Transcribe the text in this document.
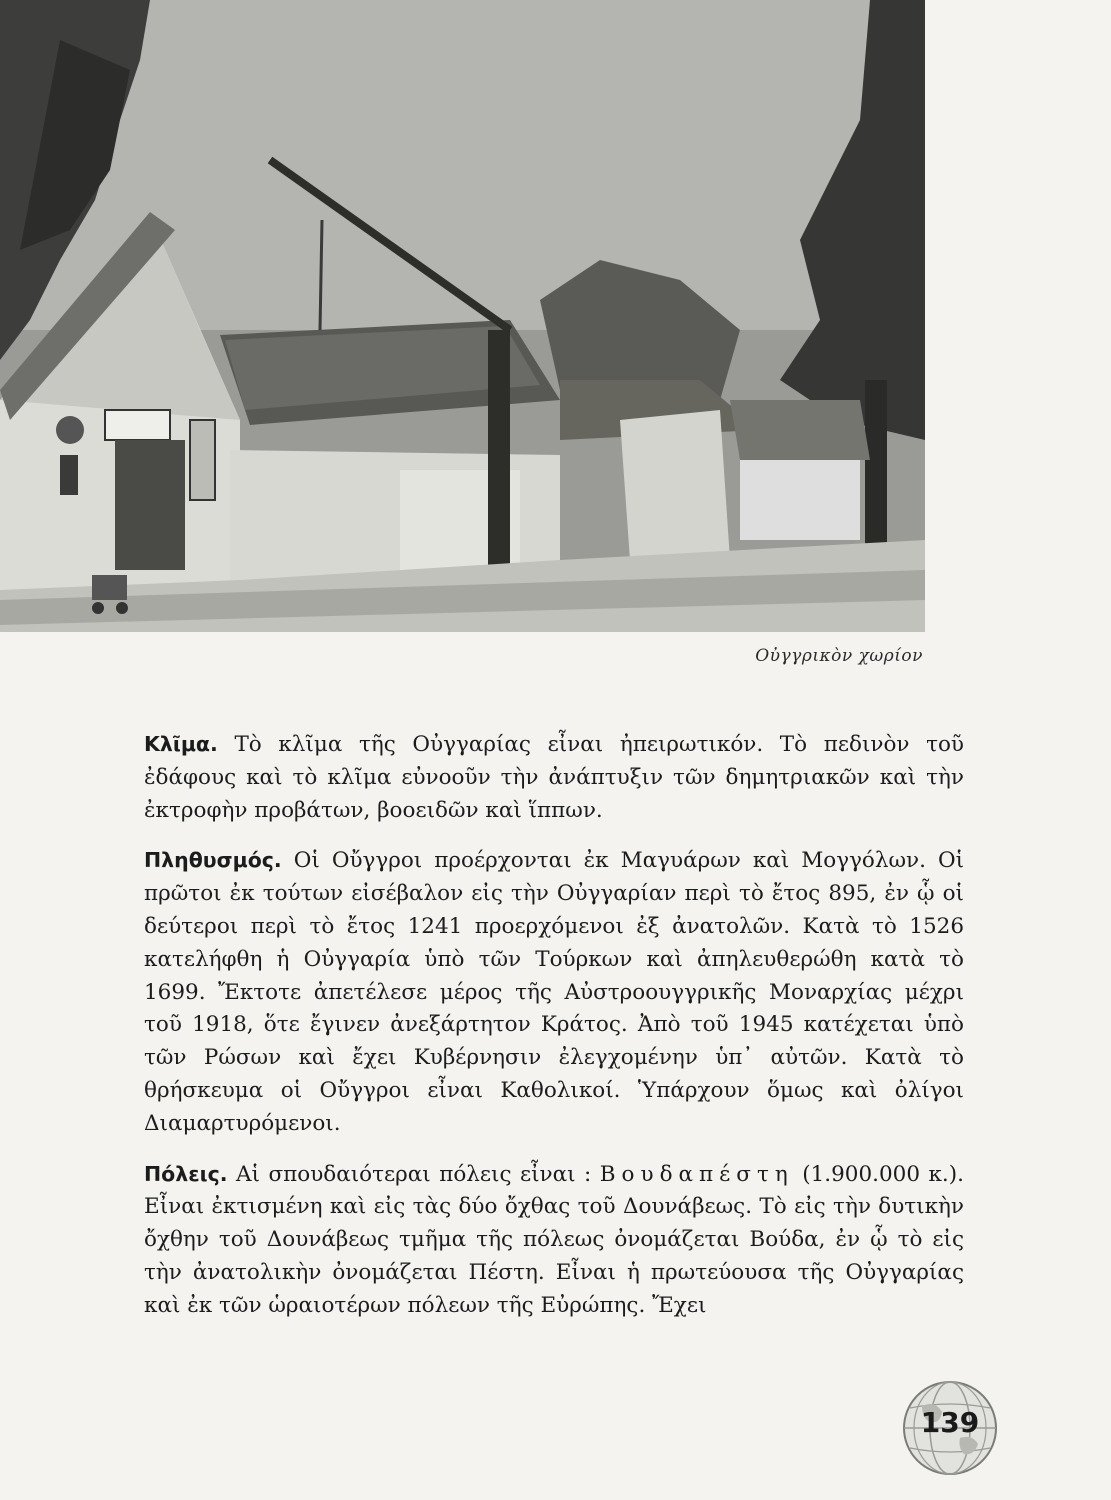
Οὐγγρικὸν χωρίον

Κλῖμα. Τὸ κλῖμα τῆς Οὐγγαρίας εἶναι ἠπειρωτικόν. Τὸ πεδινὸν τοῦ ἐδάφους καὶ τὸ κλῖμα εὐνοοῦν τὴν ἀνάπτυξιν τῶν δημητριακῶν καὶ τὴν ἐκτροφὴν προβάτων, βοοειδῶν καὶ ἵππων.

Πληθυσμός. Οἱ Οὔγγροι προέρχονται ἐκ Μαγυάρων καὶ Μογγόλων. Οἱ πρῶτοι ἐκ τούτων εἰσέβαλον εἰς τὴν Οὐγγαρίαν περὶ τὸ ἔτος 895, ἐν ᾧ οἱ δεύτεροι περὶ τὸ ἔτος 1241 προερχόμενοι ἐξ ἀνατολῶν. Κατὰ τὸ 1526 κατελήφθη ἡ Οὐγγαρία ὑπὸ τῶν Τούρκων καὶ ἀπηλευθερώθη κατὰ τὸ 1699. Ἔκτοτε ἀπετέλεσε μέρος τῆς Αὐστροουγγρικῆς Μοναρχίας μέχρι τοῦ 1918, ὅτε ἔγινεν ἀνεξάρτητον Κράτος. Ἀπὸ τοῦ 1945 κατέχεται ὑπὸ τῶν Ρώσων καὶ ἔχει Κυβέρνησιν ἐλεγχομένην ὑπ᾽ αὐτῶν. Κατὰ τὸ θρήσκευμα οἱ Οὔγγροι εἶναι Καθολικοί. Ὑπάρχουν ὅμως καὶ ὀλίγοι Διαμαρτυρόμενοι.

Πόλεις. Αἱ σπουδαιότεραι πόλεις εἶναι : Βουδαπέστη (1.900.000 κ.). Εἶναι ἐκτισμένη καὶ εἰς τὰς δύο ὄχθας τοῦ Δουνάβεως. Τὸ εἰς τὴν δυτικὴν ὄχθην τοῦ Δουνάβεως τμῆμα τῆς πόλεως ὀνομάζεται Βούδα, ἐν ᾧ τὸ εἰς τὴν ἀνατολικὴν ὀνομάζεται Πέστη. Εἶναι ἡ πρωτεύουσα τῆς Οὐγγαρίας καὶ ἐκ τῶν ὡραιοτέρων πόλεων τῆς Εὐρώπης. Ἔχει

139
